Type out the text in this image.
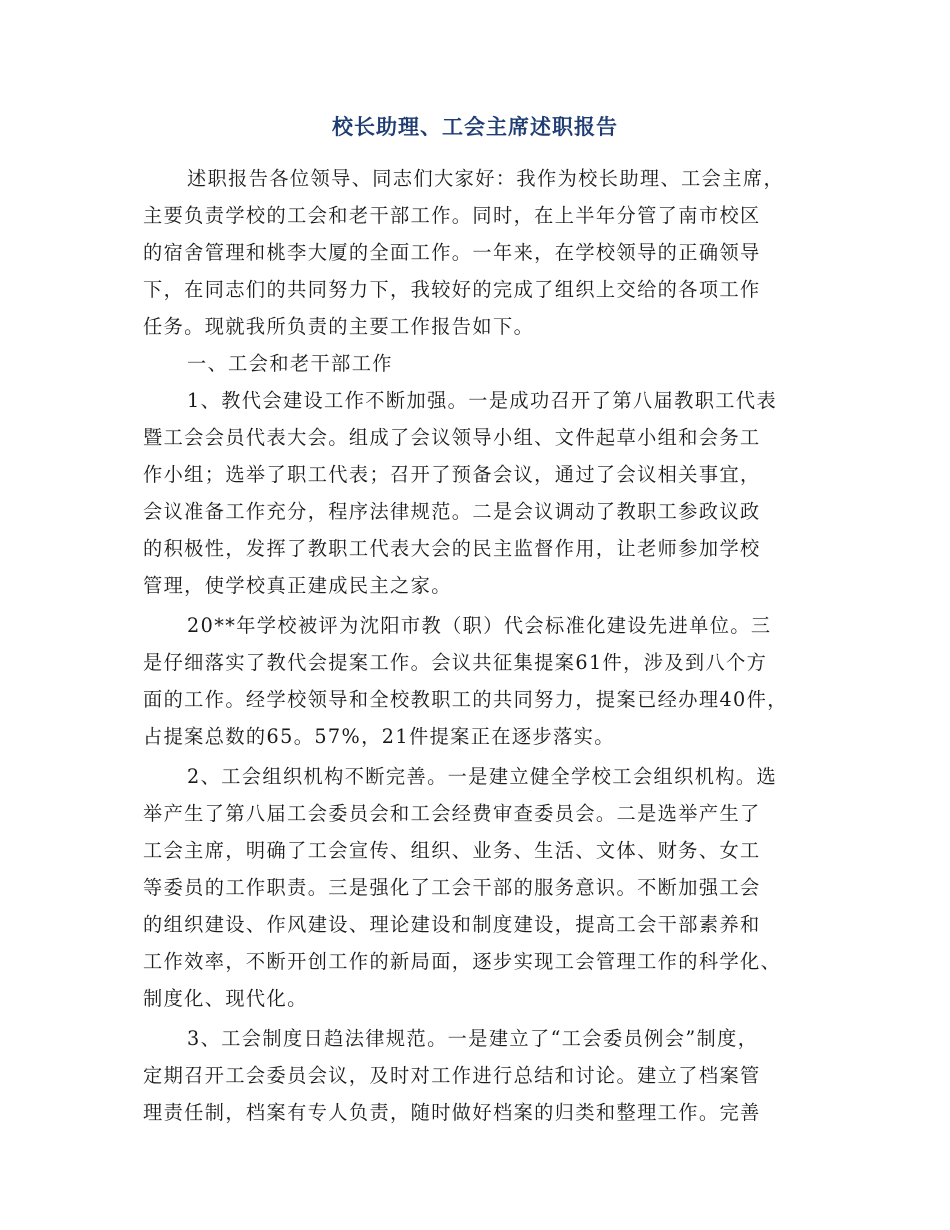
校长助理、工会主席述职报告
述职报告各位领导、同志们大家好：我作为校长助理、工会主席，
主要负责学校的工会和老干部工作。同时，在上半年分管了南市校区
的宿舍管理和桃李大厦的全面工作。一年来，在学校领导的正确领导
下，在同志们的共同努力下，我较好的完成了组织上交给的各项工作
任务。现就我所负责的主要工作报告如下。
一、工会和老干部工作
1、教代会建设工作不断加强。一是成功召开了第八届教职工代表
暨工会会员代表大会。组成了会议领导小组、文件起草小组和会务工
作小组；选举了职工代表；召开了预备会议，通过了会议相关事宜，
会议准备工作充分，程序法律规范。二是会议调动了教职工参政议政
的积极性，发挥了教职工代表大会的民主监督作用，让老师参加学校
管理，使学校真正建成民主之家。
20**年学校被评为沈阳市教（职）代会标准化建设先进单位。三
是仔细落实了教代会提案工作。会议共征集提案61件，涉及到八个方
面的工作。经学校领导和全校教职工的共同努力，提案已经办理40件，
占提案总数的65。57%，21件提案正在逐步落实。
2、工会组织机构不断完善。一是建立健全学校工会组织机构。选
举产生了第八届工会委员会和工会经费审查委员会。二是选举产生了
工会主席，明确了工会宣传、组织、业务、生活、文体、财务、女工
等委员的工作职责。三是强化了工会干部的服务意识。不断加强工会
的组织建设、作风建设、理论建设和制度建设，提高工会干部素养和
工作效率，不断开创工作的新局面，逐步实现工会管理工作的科学化、
制度化、现代化。
3、工会制度日趋法律规范。一是建立了“工会委员例会”制度，
定期召开工会委员会议，及时对工作进行总结和讨论。建立了档案管
理责任制，档案有专人负责，随时做好档案的归类和整理工作。完善
